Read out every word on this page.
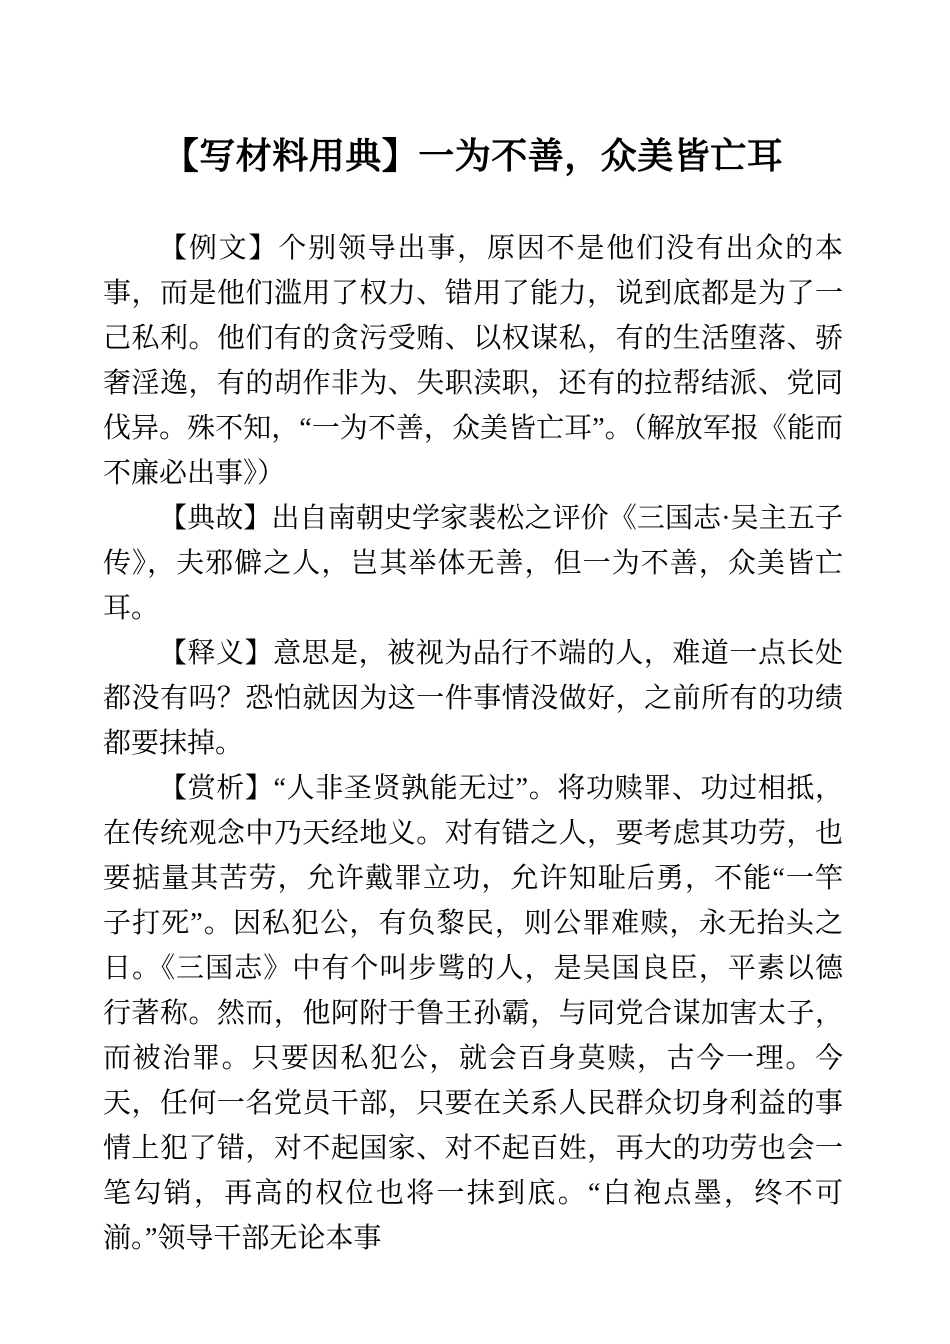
【写材料用典】一为不善，众美皆亡耳

【例文】个别领导出事，原因不是他们没有出众的本事，而是他们滥用了权力、错用了能力，说到底都是为了一己私利。他们有的贪污受贿、以权谋私，有的生活堕落、骄奢淫逸，有的胡作非为、失职渎职，还有的拉帮结派、党同伐异。殊不知，“一为不善，众美皆亡耳”。（解放军报《能而不廉必出事》）

【典故】出自南朝史学家裴松之评价《三国志·吴主五子传》，夫邪僻之人，岂其举体无善，但一为不善，众美皆亡耳。

【释义】意思是，被视为品行不端的人，难道一点长处都没有吗？恐怕就因为这一件事情没做好，之前所有的功绩都要抹掉。

【赏析】“人非圣贤孰能无过”。将功赎罪、功过相抵，在传统观念中乃天经地义。对有错之人，要考虑其功劳，也要掂量其苦劳，允许戴罪立功，允许知耻后勇，不能“一竿子打死”。因私犯公，有负黎民，则公罪难赎，永无抬头之日。《三国志》中有个叫步骘的人，是吴国良臣，平素以德行著称。然而，他阿附于鲁王孙霸，与同党合谋加害太子，而被治罪。只要因私犯公，就会百身莫赎，古今一理。今天，任何一名党员干部，只要在关系人民群众切身利益的事情上犯了错，对不起国家、对不起百姓，再大的功劳也会一笔勾销，再高的权位也将一抹到底。“白袍点墨，终不可湔。”领导干部无论本事
